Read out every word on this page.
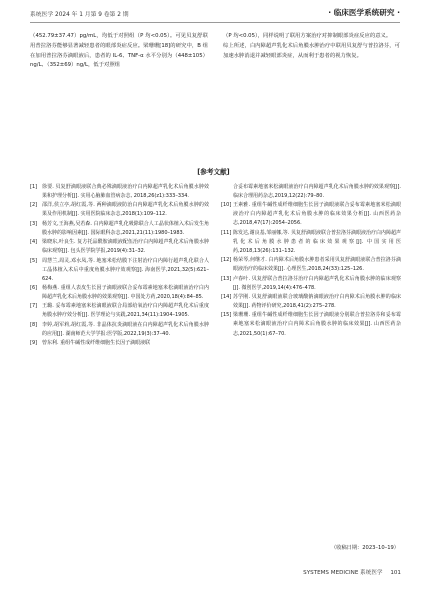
系统医学 2024 年 1 月第 9 卷第 2 期	· 临床医学系统研究 ·

（452.79±37.47）pg/mL，均低于对照组（P 均<0.05）。可见贝复舒联用普拉洛芬能够显著减轻患者的眼部炎症反应。梁珊珊[18]的研究中，B 组在加用普拉洛芬滴眼液后，患者的 IL-6、TNF-α 水平分别为（448±105）ng/L、（352±69）ng/L，低于对照组

（P 均<0.05），同样说明了联用方案治疗对抑制眼部炎症反应的意义。
综上所述，白内障超声乳化术后角膜水肿治疗中联用贝复舒与普拉洛芬，可加速水肿消退并减轻眼部炎症，从而利于患者的视力恢复。

[参考文献]
[1] 徐要. 贝复舒滴眼液联合典必殊滴眼液治疗白内障超声乳化术后角膜水肿效果和护理分析[J]. 实用心脑肺血管病杂志, 2018,26(z1):333–334.
[2] 邵洋,侯立亭,胡红霞,等. 两种滴眼液防治白内障超声乳化术后角膜水肿的效果及作用机制[J]. 实用医院临床杂志,2018(1):109–112.
[3] 杨芳文,王海燕,吴若森. 白内障超声乳化吸除联合人工晶状体植入术后发生角膜水肿的影响因素[J]. 国际眼科杂志,2021,21(11):1980–1983.
[4] 梁晓东,叶良生. 复方托品酰胺滴眼液配伍治疗白内障超声乳化术后角膜水肿临床观察[J]. 包头医学院学报,2019(4):31–32.
[5] 周慧兰,周灵,邓水凤,等. 地塞米松结膜下注射治疗白内障行超声乳化联合人工晶体植入术后中重度角膜水肿疗效观察[J]. 海南医学,2021,32(5):621–624.
[6] 杨梅燕. 重组人表皮生长因子滴眼液联合妥布霉素地塞米松滴眼液治疗白内障超声乳化术后角膜水肿的效果观察[J]. 中国处方药,2020,18(4):84–85.
[7] 王璐. 妥布霉素地塞米松滴眼液联合局部给氧治疗白内障超声乳化术后重度角膜水肿疗效分析[J]. 医学理论与实践,2021,34(11):1904–1905.
[8] 李婷,胡军莉,胡红霞,等. 非晶体抗炎滴眼液在白内障超声乳化术后角膜水肿的应用[J]. 湖南师范大学学报:医学版,2022,19(3):37–40.
[9] 曾东利. 重组牛碱性成纤维细胞生长因子滴眼液联
合妥布霉素地塞米松滴眼液治疗白内障超声乳化术后角膜水肿的效果观察[J]. 临床合理用药杂志,2019,12(22):79–80.
[10] 王素雅. 重组牛碱性成纤维细胞生长因子滴眼液联合妥布霉素地塞米松滴眼液治疗白内障超声乳化术后角膜水肿的临床效果分析[J]. 山西医药杂志,2018,47(17):2054–2056.
[11] 陈发达,谢良基,邹丽娜,等. 贝复舒滴眼液联合普拉洛芬滴眼液治疗白内障超声乳化术后角膜水肿患者的临床效果观察[J]. 中国实用医药,2018,13(26):131–132.
[12] 杨荣琴,何继才. 白内障术后角膜水肿患者采用贝复舒滴眼液联合普拉洛芬滴眼液治疗的临床效果[J]. 心理医生,2018,24(33):125–126.
[13] 卢春叶. 贝复舒联合普拉洛芬治疗白内障超声乳化术后角膜水肿的临床观察[J]. 微创医学,2019,14(4):476–478.
[14] 苏学刚. 贝复舒滴眼液联合玻璃酸钠滴眼液治疗白内障术后角膜水肿的临床效果[J]. 药物评价研究,2018,41(2):275–278.
[15] 梁珊珊. 重组牛碱性成纤维细胞生长因子滴眼液分别联合普拉洛芬和妥布霉素地塞米松滴眼液治疗白内障术后角膜水肿的临床效果[J]. 山西医药杂志,2021,50(1):67–70.
（收稿日期：2023–10–19）
SYSTEMS MEDICINE 系统医学 101
